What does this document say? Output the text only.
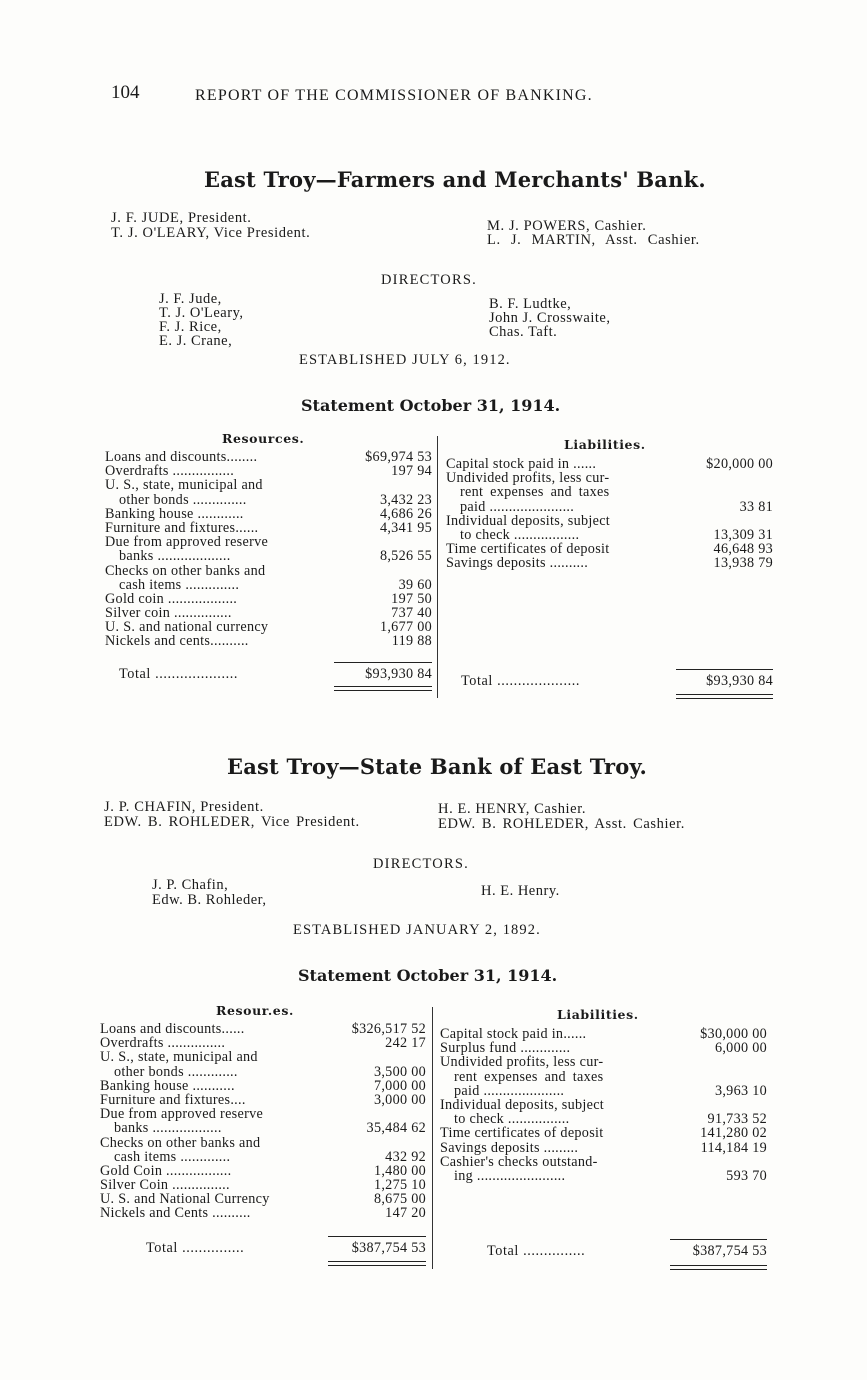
104	REPORT OF THE COMMISSIONER OF BANKING.
East Troy—Farmers and Merchants' Bank.
J. F. JUDE, President.
T. J. O'LEARY, Vice President.	M. J. POWERS, Cashier.
L. J. MARTIN, Asst. Cashier.
DIRECTORS.
J. F. Jude,
T. J. O'Leary,
F. J. Rice,
E. J. Crane,
B. F. Ludtke,
John J. Crosswaite,
Chas. Taft.
ESTABLISHED JULY 6, 1912.
Statement October 31, 1914.
Resources.	Liabilities.
Loans and discounts........	$69,974 53
Overdrafts ................	197 94
U. S., state, municipal and
other bonds ..............	3,432 23
Banking house ............	4,686 26
Furniture and fixtures......	4,341 95
Due from approved reserve
banks ...................	8,526 55
Checks on other banks and
cash items ..............	39 60
Gold coin ..................	197 50
Silver coin ...............	737 40
U. S. and national currency	1,677 00
Nickels and cents..........	119 88
Total ....................	$93,930 84
Capital stock paid in ......	$20,000 00
Undivided profits, less cur-
rent expenses and taxes
paid ......................	33 81
Individual deposits, subject
to check .................	13,309 31
Time certificates of deposit	46,648 93
Savings deposits ..........	13,938 79
Total ....................	$93,930 84
East Troy—State Bank of East Troy.
J. P. CHAFIN, President.
EDW. B. ROHLEDER, Vice President.
H. E. HENRY, Cashier.
EDW. B. ROHLEDER, Asst. Cashier.
DIRECTORS.
J. P. Chafin,
Edw. B. Rohleder,
H. E. Henry.
ESTABLISHED JANUARY 2, 1892.
Statement October 31, 1914.
Resour.es.	Liabilities.
Loans and discounts......	$326,517 52
Overdrafts ...............	242 17
U. S., state, municipal and
other bonds .............	3,500 00
Banking house ...........	7,000 00
Furniture and fixtures....	3,000 00
Due from approved reserve
banks ..................	35,484 62
Checks on other banks and
cash items .............	432 92
Gold Coin .................	1,480 00
Silver Coin ...............	1,275 10
U. S. and National Currency	8,675 00
Nickels and Cents ..........	147 20
Total ...............	$387,754 53
Capital stock paid in......	$30,000 00
Surplus fund .............	6,000 00
Undivided profits, less cur-
rent expenses and taxes
paid .....................	3,963 10
Individual deposits, subject
to check ................	91,733 52
Time certificates of deposit	141,280 02
Savings deposits .........	114,184 19
Cashier's checks outstand-
ing .......................	593 70
Total ...............	$387,754 53
